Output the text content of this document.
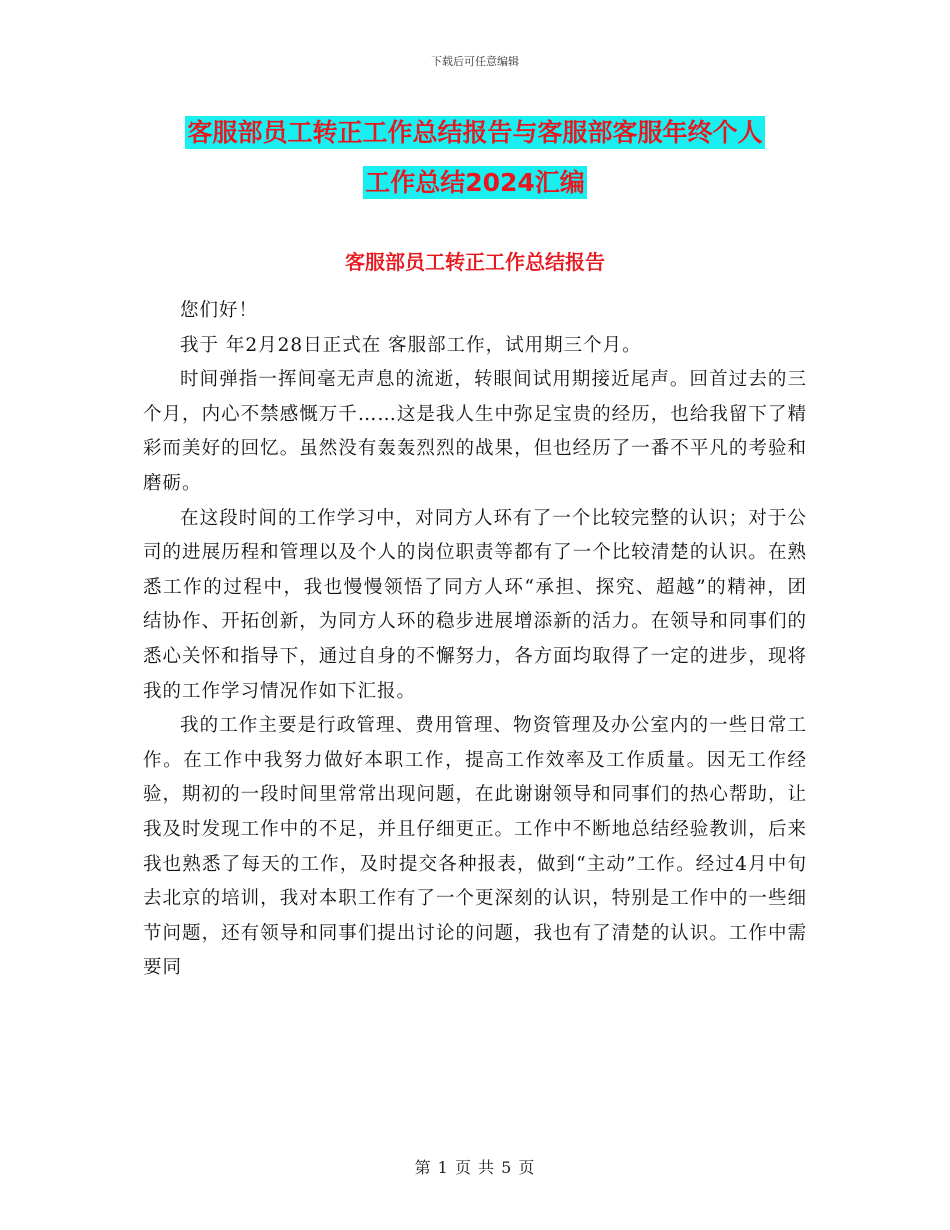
下载后可任意编辑
客服部员工转正工作总结报告与客服部客服年终个人
工作总结2024汇编
客服部员工转正工作总结报告

您们好！

我于 年2月28日正式在 客服部工作，试用期三个月。

时间弹指一挥间毫无声息的流逝，转眼间试用期接近尾声。回首过去的三个月，内心不禁感慨万千……这是我人生中弥足宝贵的经历，也给我留下了精彩而美好的回忆。虽然没有轰轰烈烈的战果，但也经历了一番不平凡的考验和磨砺。

在这段时间的工作学习中，对同方人环有了一个比较完整的认识；对于公司的进展历程和管理以及个人的岗位职责等都有了一个比较清楚的认识。在熟悉工作的过程中，我也慢慢领悟了同方人环“承担、探究、超越”的精神，团结协作、开拓创新，为同方人环的稳步进展增添新的活力。在领导和同事们的悉心关怀和指导下，通过自身的不懈努力，各方面均取得了一定的进步，现将我的工作学习情况作如下汇报。

我的工作主要是行政管理、费用管理、物资管理及办公室内的一些日常工作。在工作中我努力做好本职工作，提高工作效率及工作质量。因无工作经验，期初的一段时间里常常出现问题，在此谢谢领导和同事们的热心帮助，让我及时发现工作中的不足，并且仔细更正。工作中不断地总结经验教训，后来我也熟悉了每天的工作，及时提交各种报表，做到“主动”工作。经过4月中旬去北京的培训，我对本职工作有了一个更深刻的认识，特别是工作中的一些细节问题，还有领导和同事们提出讨论的问题，我也有了清楚的认识。工作中需要同

第 1 页 共 5 页
